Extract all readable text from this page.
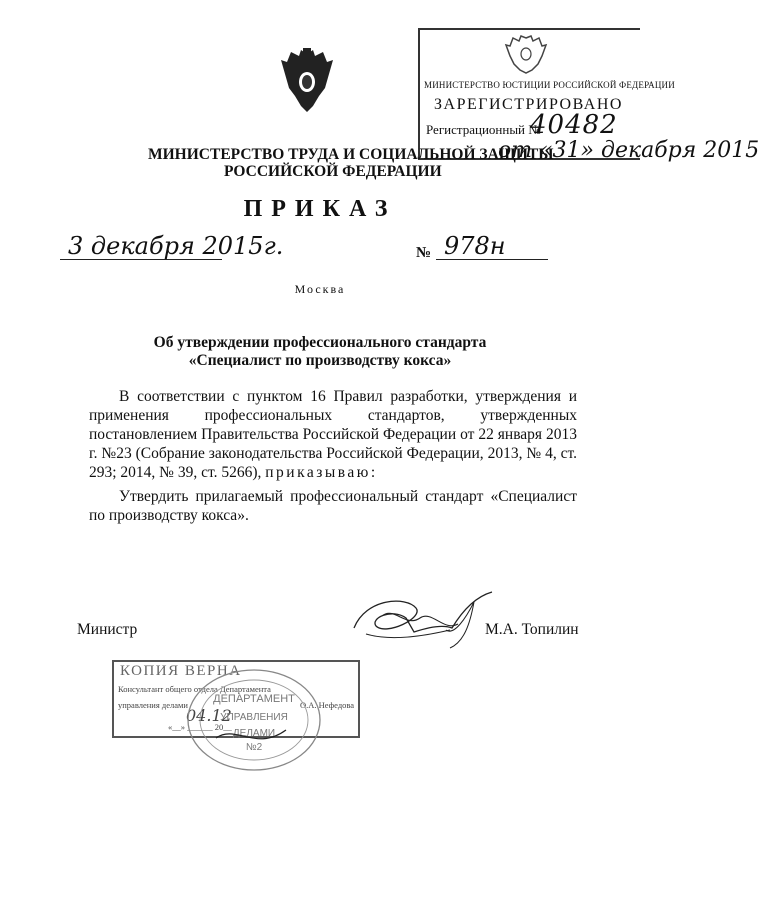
МИНИСТЕРСТВО ЮСТИЦИИ РОССИЙСКОЙ ФЕДЕРАЦИИ
ЗАРЕГИСТРИРОВАНО
Регистрационный №
40482
от «31» декабря 2015
МИНИСТЕРСТВО ТРУДА И СОЦИАЛЬНОЙ ЗАЩИТЫ
РОССИЙСКОЙ ФЕДЕРАЦИИ
ПРИКАЗ
3 декабря 2015г.	№ 978н
Москва
Об утверждении профессионального стандарта
«Специалист по производству кокса»
В соответствии с пунктом 16 Правил разработки, утверждения и применения профессиональных стандартов, утвержденных постановлением Правительства Российской Федерации от 22 января 2013 г. №23 (Собрание законодательства Российской Федерации, 2013, № 4, ст. 293; 2014, № 39, ст. 5266), приказываю:
Утвердить прилагаемый профессиональный стандарт «Специалист по производству кокса».
Министр	М.А. Топилин
КОПИЯ ВЕРНА
Консультант общего отдела Департамента
управления делами	О.А. Нефедова
04.12
«__» ______ 20__
ДЕПАРТАМЕНТ
УПРАВЛЕНИЯ
ДЕЛАМИ
№2
